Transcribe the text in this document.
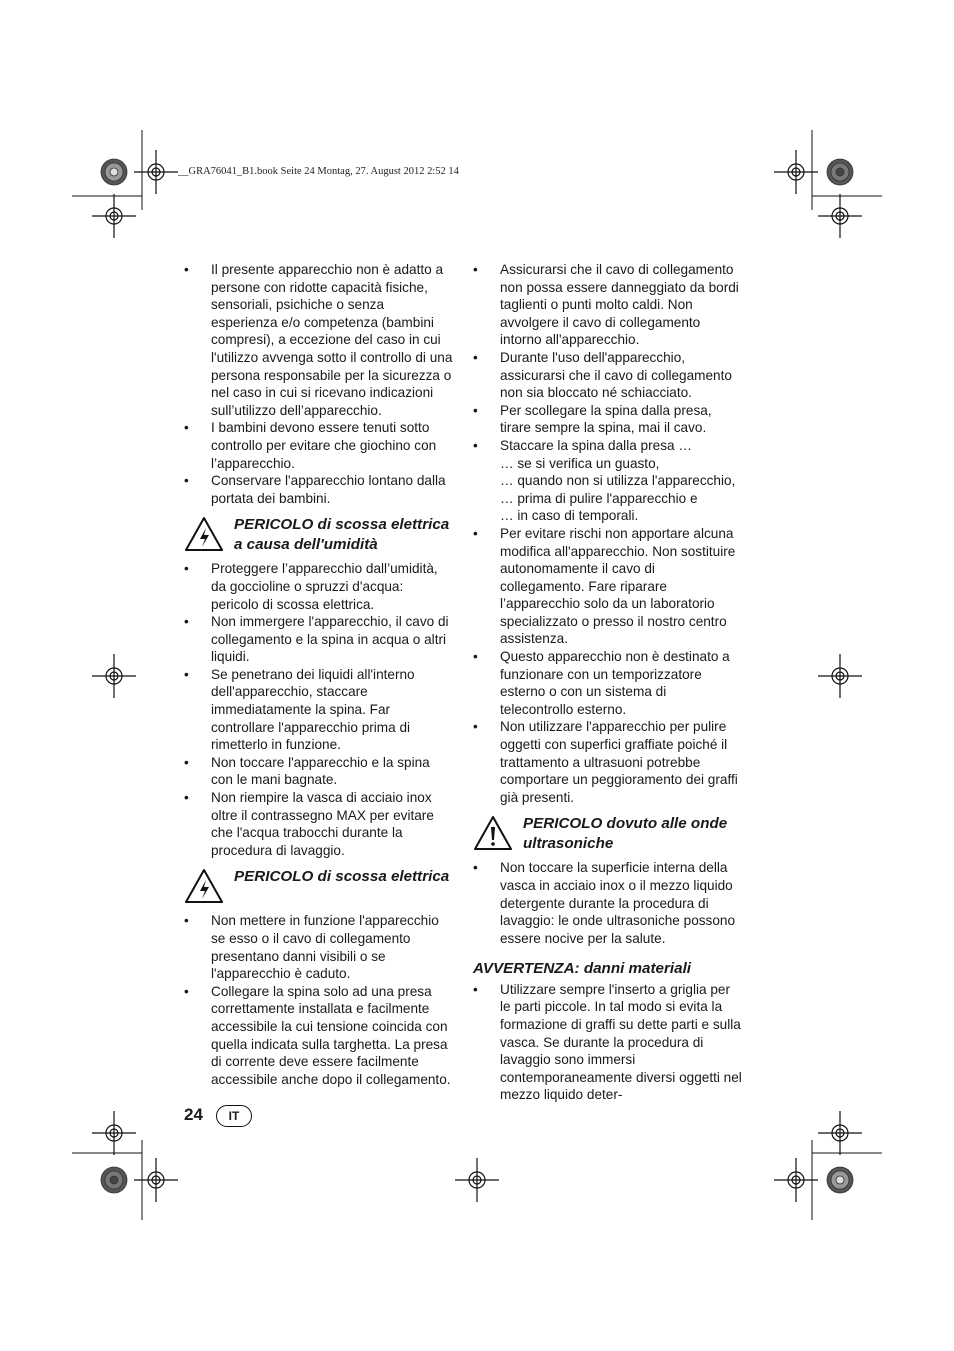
__GRA76041_B1.book Seite 24 Montag, 27. August 2012 2:52 14
• Il presente apparecchio non è adatto a persone con ridotte capacità fisiche, sensoriali, psichiche o senza esperienza e/o competenza (bambini compresi), a eccezione del caso in cui l'utilizzo avvenga sotto il controllo di una persona responsabile per la sicurezza o nel caso in cui si ricevano indicazioni sull’utilizzo dell’apparecchio.
• I bambini devono essere tenuti sotto controllo per evitare che giochino con l’apparecchio.
• Conservare l'apparecchio lontano dalla portata dei bambini.
PERICOLO di scossa elettrica a causa dell'umidità
• Proteggere l’apparecchio dall’umidità, da goccioline o spruzzi d'acqua: pericolo di scossa elettrica.
• Non immergere l'apparecchio, il cavo di collegamento e la spina in acqua o altri liquidi.
• Se penetrano dei liquidi all'interno dell'apparecchio, staccare immediatamente la spina. Far controllare l'apparecchio prima di rimetterlo in funzione.
• Non toccare l'apparecchio e la spina con le mani bagnate.
• Non riempire la vasca di acciaio inox oltre il contrassegno MAX per evitare che l'acqua trabocchi durante la procedura di lavaggio.
PERICOLO di scossa elettrica
• Non mettere in funzione l'apparecchio se esso o il cavo di collegamento presentano danni visibili o se l'apparecchio è caduto.
• Collegare la spina solo ad una presa correttamente installata e facilmente accessibile la cui tensione coincida con quella indicata sulla targhetta. La presa di corrente deve essere facilmente accessibile anche dopo il collegamento.
• Assicurarsi che il cavo di collegamento non possa essere danneggiato da bordi taglienti o punti molto caldi. Non avvolgere il cavo di collegamento intorno all'apparecchio.
• Durante l'uso dell'apparecchio, assicurarsi che il cavo di collegamento non sia bloccato né schiacciato.
• Per scollegare la spina dalla presa, tirare sempre la spina, mai il cavo.
• Staccare la spina dalla presa …
… se si verifica un guasto,
… quando non si utilizza l'apparecchio,
… prima di pulire l'apparecchio e
… in caso di temporali.
• Per evitare rischi non apportare alcuna modifica all'apparecchio. Non sostituire autonomamente il cavo di collegamento. Fare riparare l’apparecchio solo da un laboratorio specializzato o presso il nostro centro assistenza.
• Questo apparecchio non è destinato a funzionare con un temporizzatore esterno o con un sistema di telecontrollo esterno.
• Non utilizzare l'apparecchio per pulire oggetti con superfici graffiate poiché il trattamento a ultrasuoni potrebbe comportare un peggioramento dei graffi già presenti.
PERICOLO dovuto alle onde ultrasoniche
• Non toccare la superficie interna della vasca in acciaio inox o il mezzo liquido detergente durante la procedura di lavaggio: le onde ultrasoniche possono essere nocive per la salute.
AVVERTENZA: danni materiali
• Utilizzare sempre l'inserto a griglia per le parti piccole. In tal modo si evita la formazione di graffi su dette parti e sulla vasca. Se durante la procedura di lavaggio sono immersi contemporaneamente diversi oggetti nel mezzo liquido deter-
24	IT
